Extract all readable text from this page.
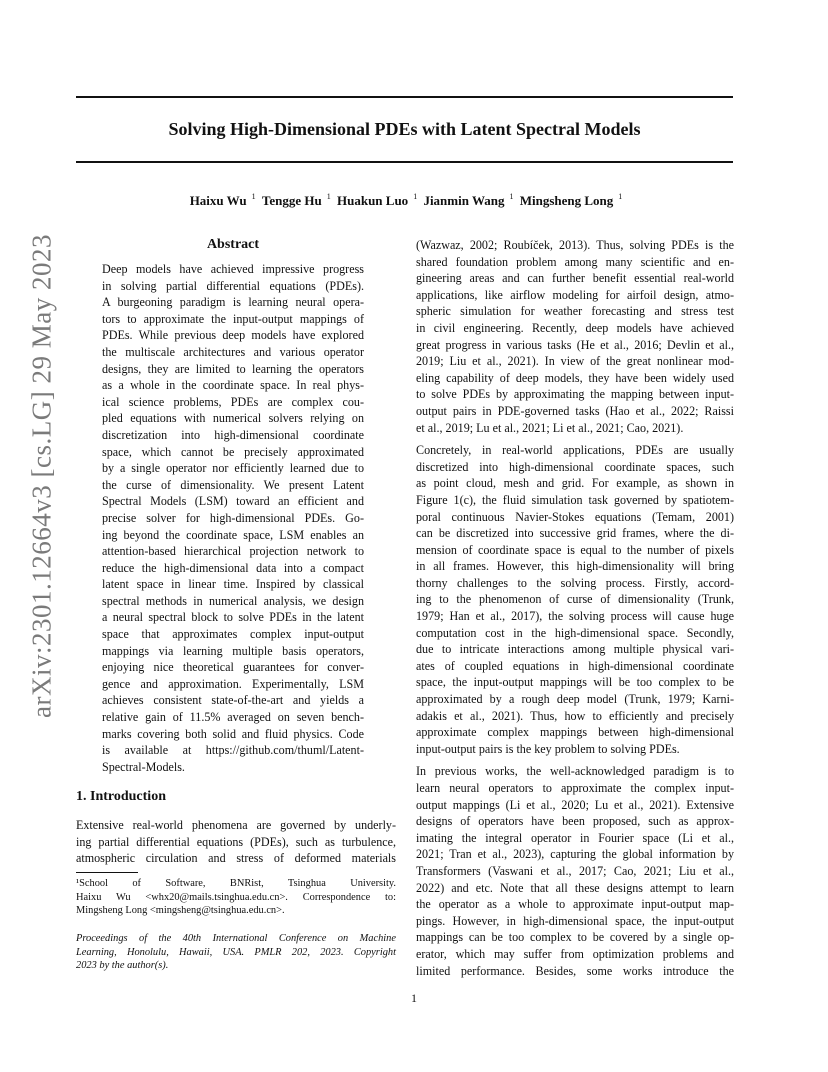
Solving High-Dimensional PDEs with Latent Spectral Models
Haixu Wu $^1$ Tengge Hu $^1$ Huakun Luo $^1$ Jianmin Wang $^1$ Mingsheng Long $^1$
arXiv:2301.12664v3 [cs.LG] 29 May 2023	Abstract
Deep models have achieved impressive progress
in solving partial differential equations (PDEs).
A burgeoning paradigm is learning neural opera-
tors to approximate the input-output mappings of
PDEs. While previous deep models have explored
the multiscale architectures and various operator
designs, they are limited to learning the operators
as a whole in the coordinate space. In real phys-
ical science problems, PDEs are complex cou-
pled equations with numerical solvers relying on
discretization into high-dimensional coordinate
space, which cannot be precisely approximated
by a single operator nor efficiently learned due to
the curse of dimensionality. We present Latent
Spectral Models (LSM) toward an efficient and
precise solver for high-dimensional PDEs. Go-
ing beyond the coordinate space, LSM enables an
attention-based hierarchical projection network to
reduce the high-dimensional data into a compact
latent space in linear time. Inspired by classical
spectral methods in numerical analysis, we design
a neural spectral block to solve PDEs in the latent
space that approximates complex input-output
mappings via learning multiple basis operators,
enjoying nice theoretical guarantees for conver-
gence and approximation. Experimentally, LSM
achieves consistent state-of-the-art and yields a
relative gain of 11.5% averaged on seven bench-
marks covering both solid and fluid physics. Code
is available at https://github.com/thuml/Latent-
Spectral-Models.
1. Introduction
Extensive real-world phenomena are governed by underly-
ing partial differential equations (PDEs), such as turbulence,
atmospheric circulation and stress of deformed materials
¹School of Software, BNRist, Tsinghua University.
Haixu Wu <whx20@mails.tsinghua.edu.cn>. Correspondence to:
Mingsheng Long <mingsheng@tsinghua.edu.cn>.
Proceedings of the 40th International Conference on Machine
Learning, Honolulu, Hawaii, USA. PMLR 202, 2023. Copyright
2023 by the author(s).
(Wazwaz, 2002; Roubíček, 2013). Thus, solving PDEs is the
shared foundation problem among many scientific and en-
gineering areas and can further benefit essential real-world
applications, like airflow modeling for airfoil design, atmo-
spheric simulation for weather forecasting and stress test
in civil engineering. Recently, deep models have achieved
great progress in various tasks (He et al., 2016; Devlin et al.,
2019; Liu et al., 2021). In view of the great nonlinear mod-
eling capability of deep models, they have been widely used
to solve PDEs by approximating the mapping between input-
output pairs in PDE-governed tasks (Hao et al., 2022; Raissi
et al., 2019; Lu et al., 2021; Li et al., 2021; Cao, 2021).
Concretely, in real-world applications, PDEs are usually
discretized into high-dimensional coordinate spaces, such
as point cloud, mesh and grid. For example, as shown in
Figure 1(c), the fluid simulation task governed by spatiotem-
poral continuous Navier-Stokes equations (Temam, 2001)
can be discretized into successive grid frames, where the di-
mension of coordinate space is equal to the number of pixels
in all frames. However, this high-dimensionality will bring
thorny challenges to the solving process. Firstly, accord-
ing to the phenomenon of curse of dimensionality (Trunk,
1979; Han et al., 2017), the solving process will cause huge
computation cost in the high-dimensional space. Secondly,
due to intricate interactions among multiple physical vari-
ates of coupled equations in high-dimensional coordinate
space, the input-output mappings will be too complex to be
approximated by a rough deep model (Trunk, 1979; Karni-
adakis et al., 2021). Thus, how to efficiently and precisely
approximate complex mappings between high-dimensional
input-output pairs is the key problem to solving PDEs.
In previous works, the well-acknowledged paradigm is to
learn neural operators to approximate the complex input-
output mappings (Li et al., 2020; Lu et al., 2021). Extensive
designs of operators have been proposed, such as approx-
imating the integral operator in Fourier space (Li et al.,
2021; Tran et al., 2023), capturing the global information by
Transformers (Vaswani et al., 2017; Cao, 2021; Liu et al.,
2022) and etc. Note that all these designs attempt to learn
the operator as a whole to approximate input-output map-
pings. However, in high-dimensional space, the input-output
mappings can be too complex to be covered by a single op-
erator, which may suffer from optimization problems and
limited performance. Besides, some works introduce the
1
